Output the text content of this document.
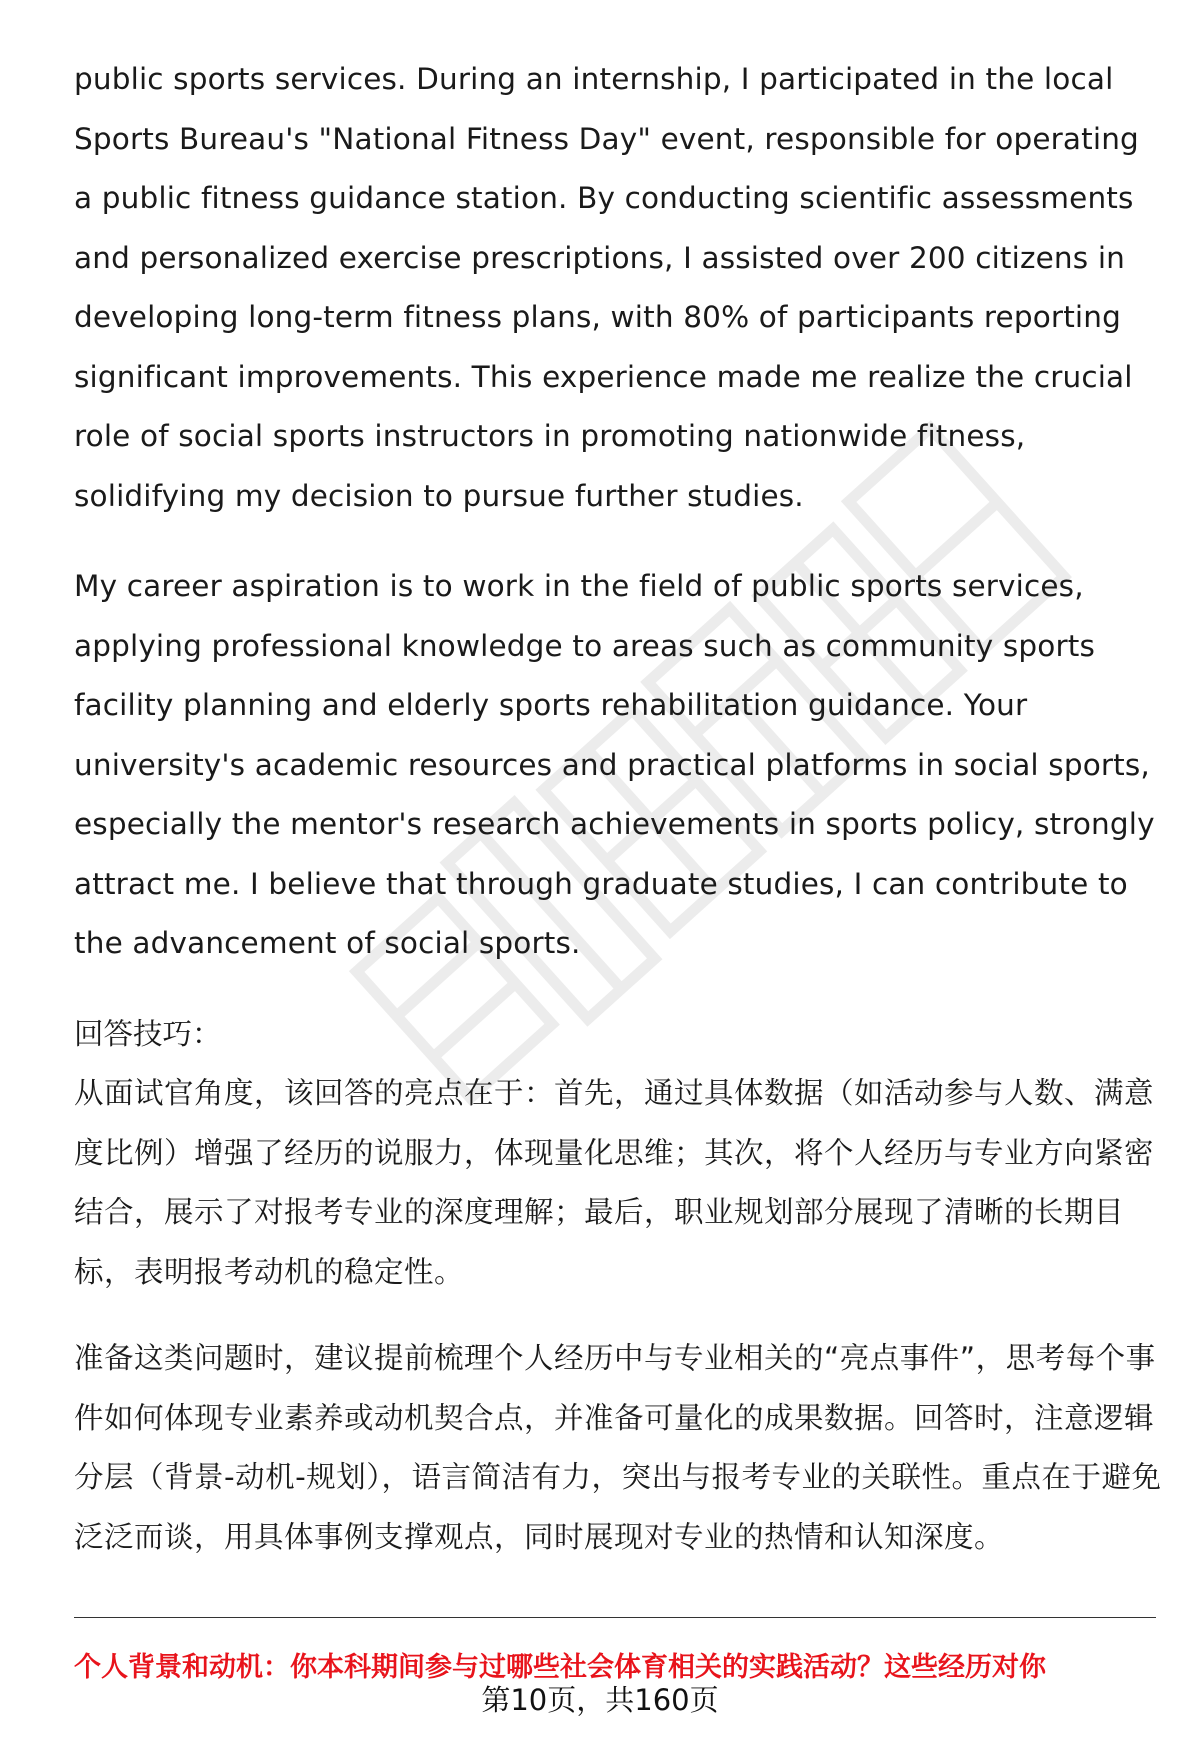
public sports services. During an internship, I participated in the local Sports Bureau's "National Fitness Day" event, responsible for operating a public fitness guidance station. By conducting scientific assessments and personalized exercise prescriptions, I assisted over 200 citizens in developing long-term fitness plans, with 80% of participants reporting significant improvements. This experience made me realize the crucial role of social sports instructors in promoting nationwide fitness, solidifying my decision to pursue further studies.

My career aspiration is to work in the field of public sports services, applying professional knowledge to areas such as community sports facility planning and elderly sports rehabilitation guidance. Your university's academic resources and practical platforms in social sports, especially the mentor's research achievements in sports policy, strongly attract me. I believe that through graduate studies, I can contribute to the advancement of social sports.

回答技巧：

从面试官角度，该回答的亮点在于：首先，通过具体数据（如活动参与人数、满意度比例）增强了经历的说服力，体现量化思维；其次，将个人经历与专业方向紧密结合，展示了对报考专业的深度理解；最后，职业规划部分展现了清晰的长期目标，表明报考动机的稳定性。

准备这类问题时，建议提前梳理个人经历中与专业相关的“亮点事件”，思考每个事件如何体现专业素养或动机契合点，并准备可量化的成果数据。回答时，注意逻辑分层（背景-动机-规划），语言简洁有力，突出与报考专业的关联性。重点在于避免泛泛而谈，用具体事例支撑观点，同时展现对专业的热情和认知深度。

个人背景和动机：你本科期间参与过哪些社会体育相关的实践活动？这些经历对你
第10页，共160页
